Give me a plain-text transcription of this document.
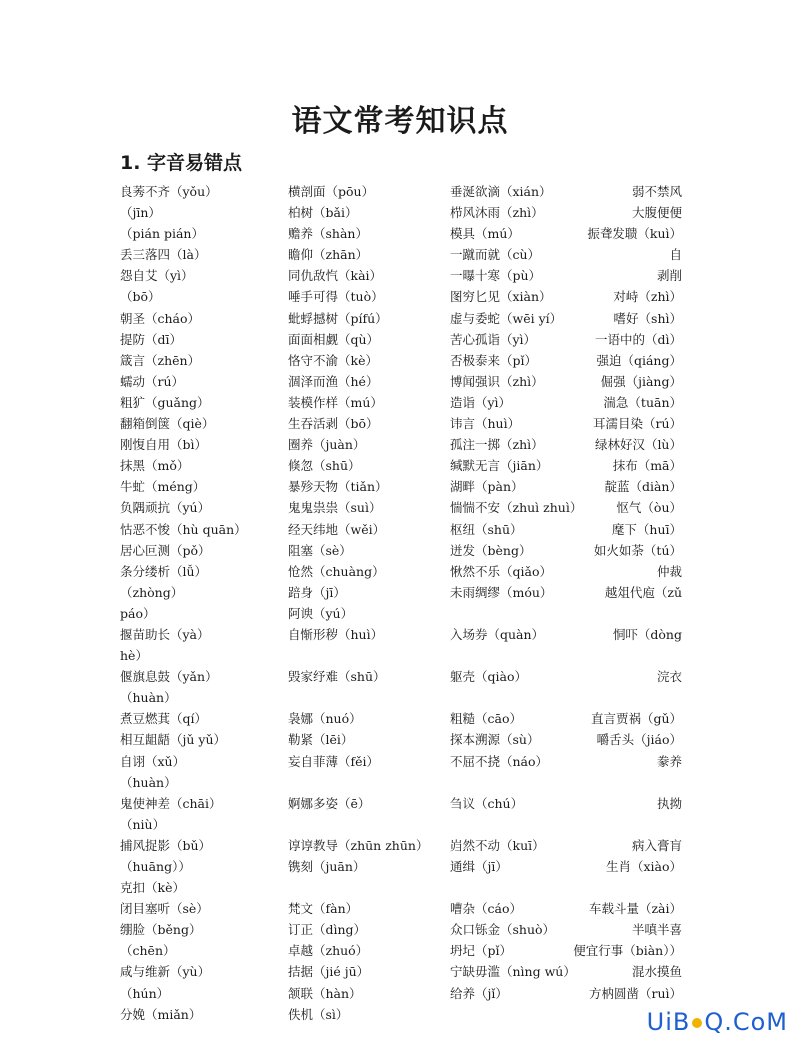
语文常考知识点
1. 字音易错点
良莠不齐（yǒu）	横剖面（pōu）	垂涎欲滴（xián）	弱不禁风
（jīn）	柏树（bǎi）	栉风沐雨（zhì）	大腹便便
（pián pián）	赡养（shàn）	模具（mú）	振聋发聩（kuì）
丢三落四（là）	瞻仰（zhān）	一蹴而就（cù）	自
怨自艾（yì）	同仇敌忾（kài）	一曝十寒（pù）	剥削
（bō）	唾手可得（tuò）	图穷匕见（xiàn）	对峙（zhì）
朝圣（cháo）	蚍蜉撼树（pífú）	虚与委蛇（wēi yí）	嗜好（shì）
提防（dī）	面面相觑（qù）	苦心孤诣（yì）	一语中的（dì）
箴言（zhēn）	恪守不渝（kè）	否极泰来（pǐ）	强迫（qiáng）
蠕动（rú）	涸泽而渔（hé）	博闻强识（zhì）	倔强（jiàng）
粗犷（guǎng）	装模作样（mú）	造诣（yì）	湍急（tuān）
翻箱倒箧（qiè）	生吞活剥（bō）	讳言（huì）	耳濡目染（rú）
刚愎自用（bì）	圈养（juàn）	孤注一掷（zhì）	绿林好汉（lù）
抹黑（mǒ）	倏忽（shū）	缄默无言（jiān）	抹布（mā）
牛虻（méng）	暴殄天物（tiǎn）	湖畔（pàn）	靛蓝（diàn）
负隅顽抗（yú）	鬼鬼祟祟（suì）	惴惴不安（zhuì zhuì）	怄气（òu）
怙恶不悛（hù quān）	经天纬地（wěi）	枢纽（shū）	麾下（huī）
居心叵测（pǒ）	阻塞（sè）	迸发（bèng）	如火如荼（tú）
条分缕析（lǚ）	怆然（chuàng）	愀然不乐（qiǎo）	仲裁
（zhòng）	踣身（jī）	未雨绸缪（móu）	越俎代庖（zǔ
páo）	阿谀（yú）
揠苗助长（yà）	自惭形秽（huì）	入场券（quàn）	恫吓（dòng
hè）
偃旗息鼓（yǎn）	毁家纾难（shū）	躯壳（qiào）	浣衣
（huàn）
煮豆燃萁（qí）	袅娜（nuó）	粗糙（cāo）	直言贾祸（gǔ）
相互龃龉（jǔ yǔ）	勒紧（lēi）	探本溯源（sù）	嚼舌头（jiáo）
自诩（xǔ）	妄自菲薄（fěi）	不屈不挠（náo）	豢养
（huàn）
鬼使神差（chāi）	婀娜多姿（ē）	刍议（chú）	执拗
（niù）
捕风捉影（bǔ）	谆谆教导（zhūn zhūn） 岿然不动（kuī）	病入膏肓
（huāng））	镌刻（juān）	通缉（jī）	生肖（xiào）
克扣（kè）
闭目塞听（sè）	梵文（fàn）	嘈杂（cáo）	车载斗量（zài）
绷脸（běng）	订正（dìng）	众口铄金（shuò）	半嗔半喜
（chēn）	卓越（zhuó）	坍圮（pǐ）	便宜行事（biàn））
咸与维新（yù）	拮据（jié jū）	宁缺毋滥（nìng wú）	混水摸鱼
（hún）	颔联（hàn）	给养（jǐ）	方枘圆凿（ruì）
分娩（miǎn）	佚机（sì）	UiB Q.CoM
